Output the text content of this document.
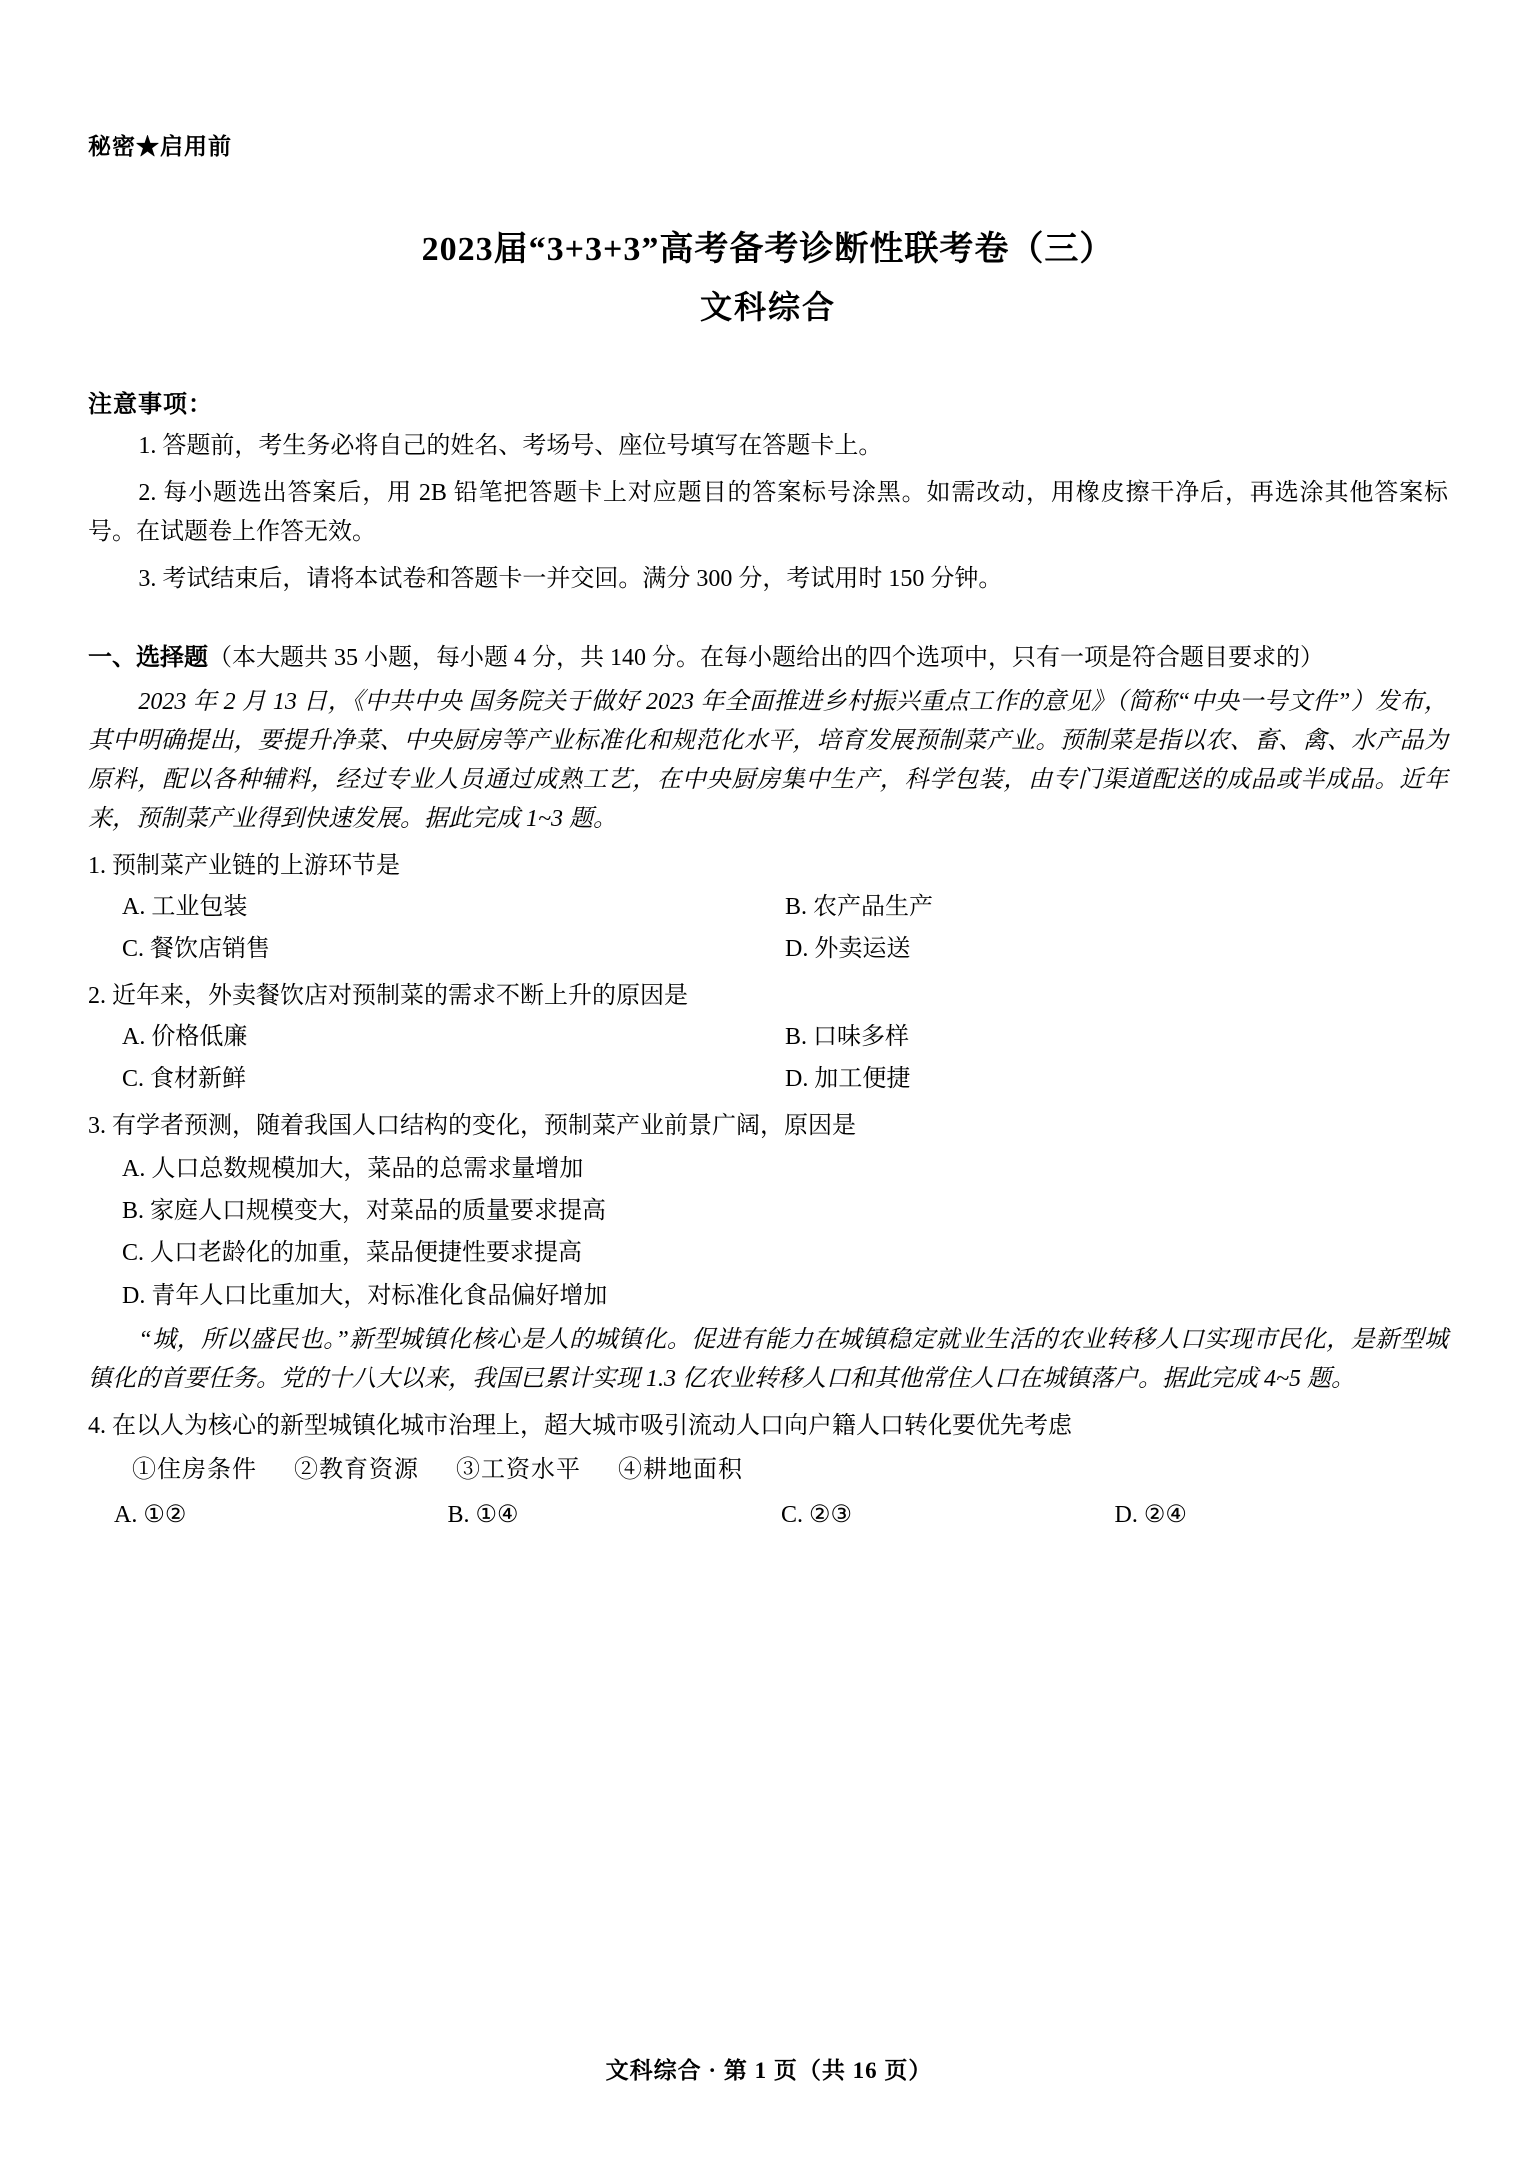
秘密★启用前
2023届“3+3+3”高考备考诊断性联考卷（三）
文科综合
注意事项：
1. 答题前，考生务必将自己的姓名、考场号、座位号填写在答题卡上。
2. 每小题选出答案后，用 2B 铅笔把答题卡上对应题目的答案标号涂黑。如需改动，用橡皮擦干净后，再选涂其他答案标号。在试题卷上作答无效。
3. 考试结束后，请将本试卷和答题卡一并交回。满分 300 分，考试用时 150 分钟。
一、选择题（本大题共 35 小题，每小题 4 分，共 140 分。在每小题给出的四个选项中，只有一项是符合题目要求的）
2023 年 2 月 13 日，《中共中央 国务院关于做好 2023 年全面推进乡村振兴重点工作的意见》（简称“中央一号文件”）发布，其中明确提出，要提升净菜、中央厨房等产业标准化和规范化水平，培育发展预制菜产业。预制菜是指以农、畜、禽、水产品为原料，配以各种辅料，经过专业人员通过成熟工艺，在中央厨房集中生产，科学包装，由专门渠道配送的成品或半成品。近年来，预制菜产业得到快速发展。据此完成 1~3 题。
1. 预制菜产业链的上游环节是
A. 工业包装	B. 农产品生产
C. 餐饮店销售	D. 外卖运送
2. 近年来，外卖餐饮店对预制菜的需求不断上升的原因是
A. 价格低廉	B. 口味多样
C. 食材新鲜	D. 加工便捷
3. 有学者预测，随着我国人口结构的变化，预制菜产业前景广阔，原因是
A. 人口总数规模加大，菜品的总需求量增加
B. 家庭人口规模变大，对菜品的质量要求提高
C. 人口老龄化的加重，菜品便捷性要求提高
D. 青年人口比重加大，对标准化食品偏好增加
“城，所以盛民也。”新型城镇化核心是人的城镇化。促进有能力在城镇稳定就业生活的农业转移人口实现市民化，是新型城镇化的首要任务。党的十八大以来，我国已累计实现 1.3 亿农业转移人口和其他常住人口在城镇落户。据此完成 4~5 题。
4. 在以人为核心的新型城镇化城市治理上，超大城市吸引流动人口向户籍人口转化要优先考虑
①住房条件 ②教育资源 ③工资水平 ④耕地面积
A. ①②	B. ①④	C. ②③	D. ②④
文科综合 · 第 1 页（共 16 页）
